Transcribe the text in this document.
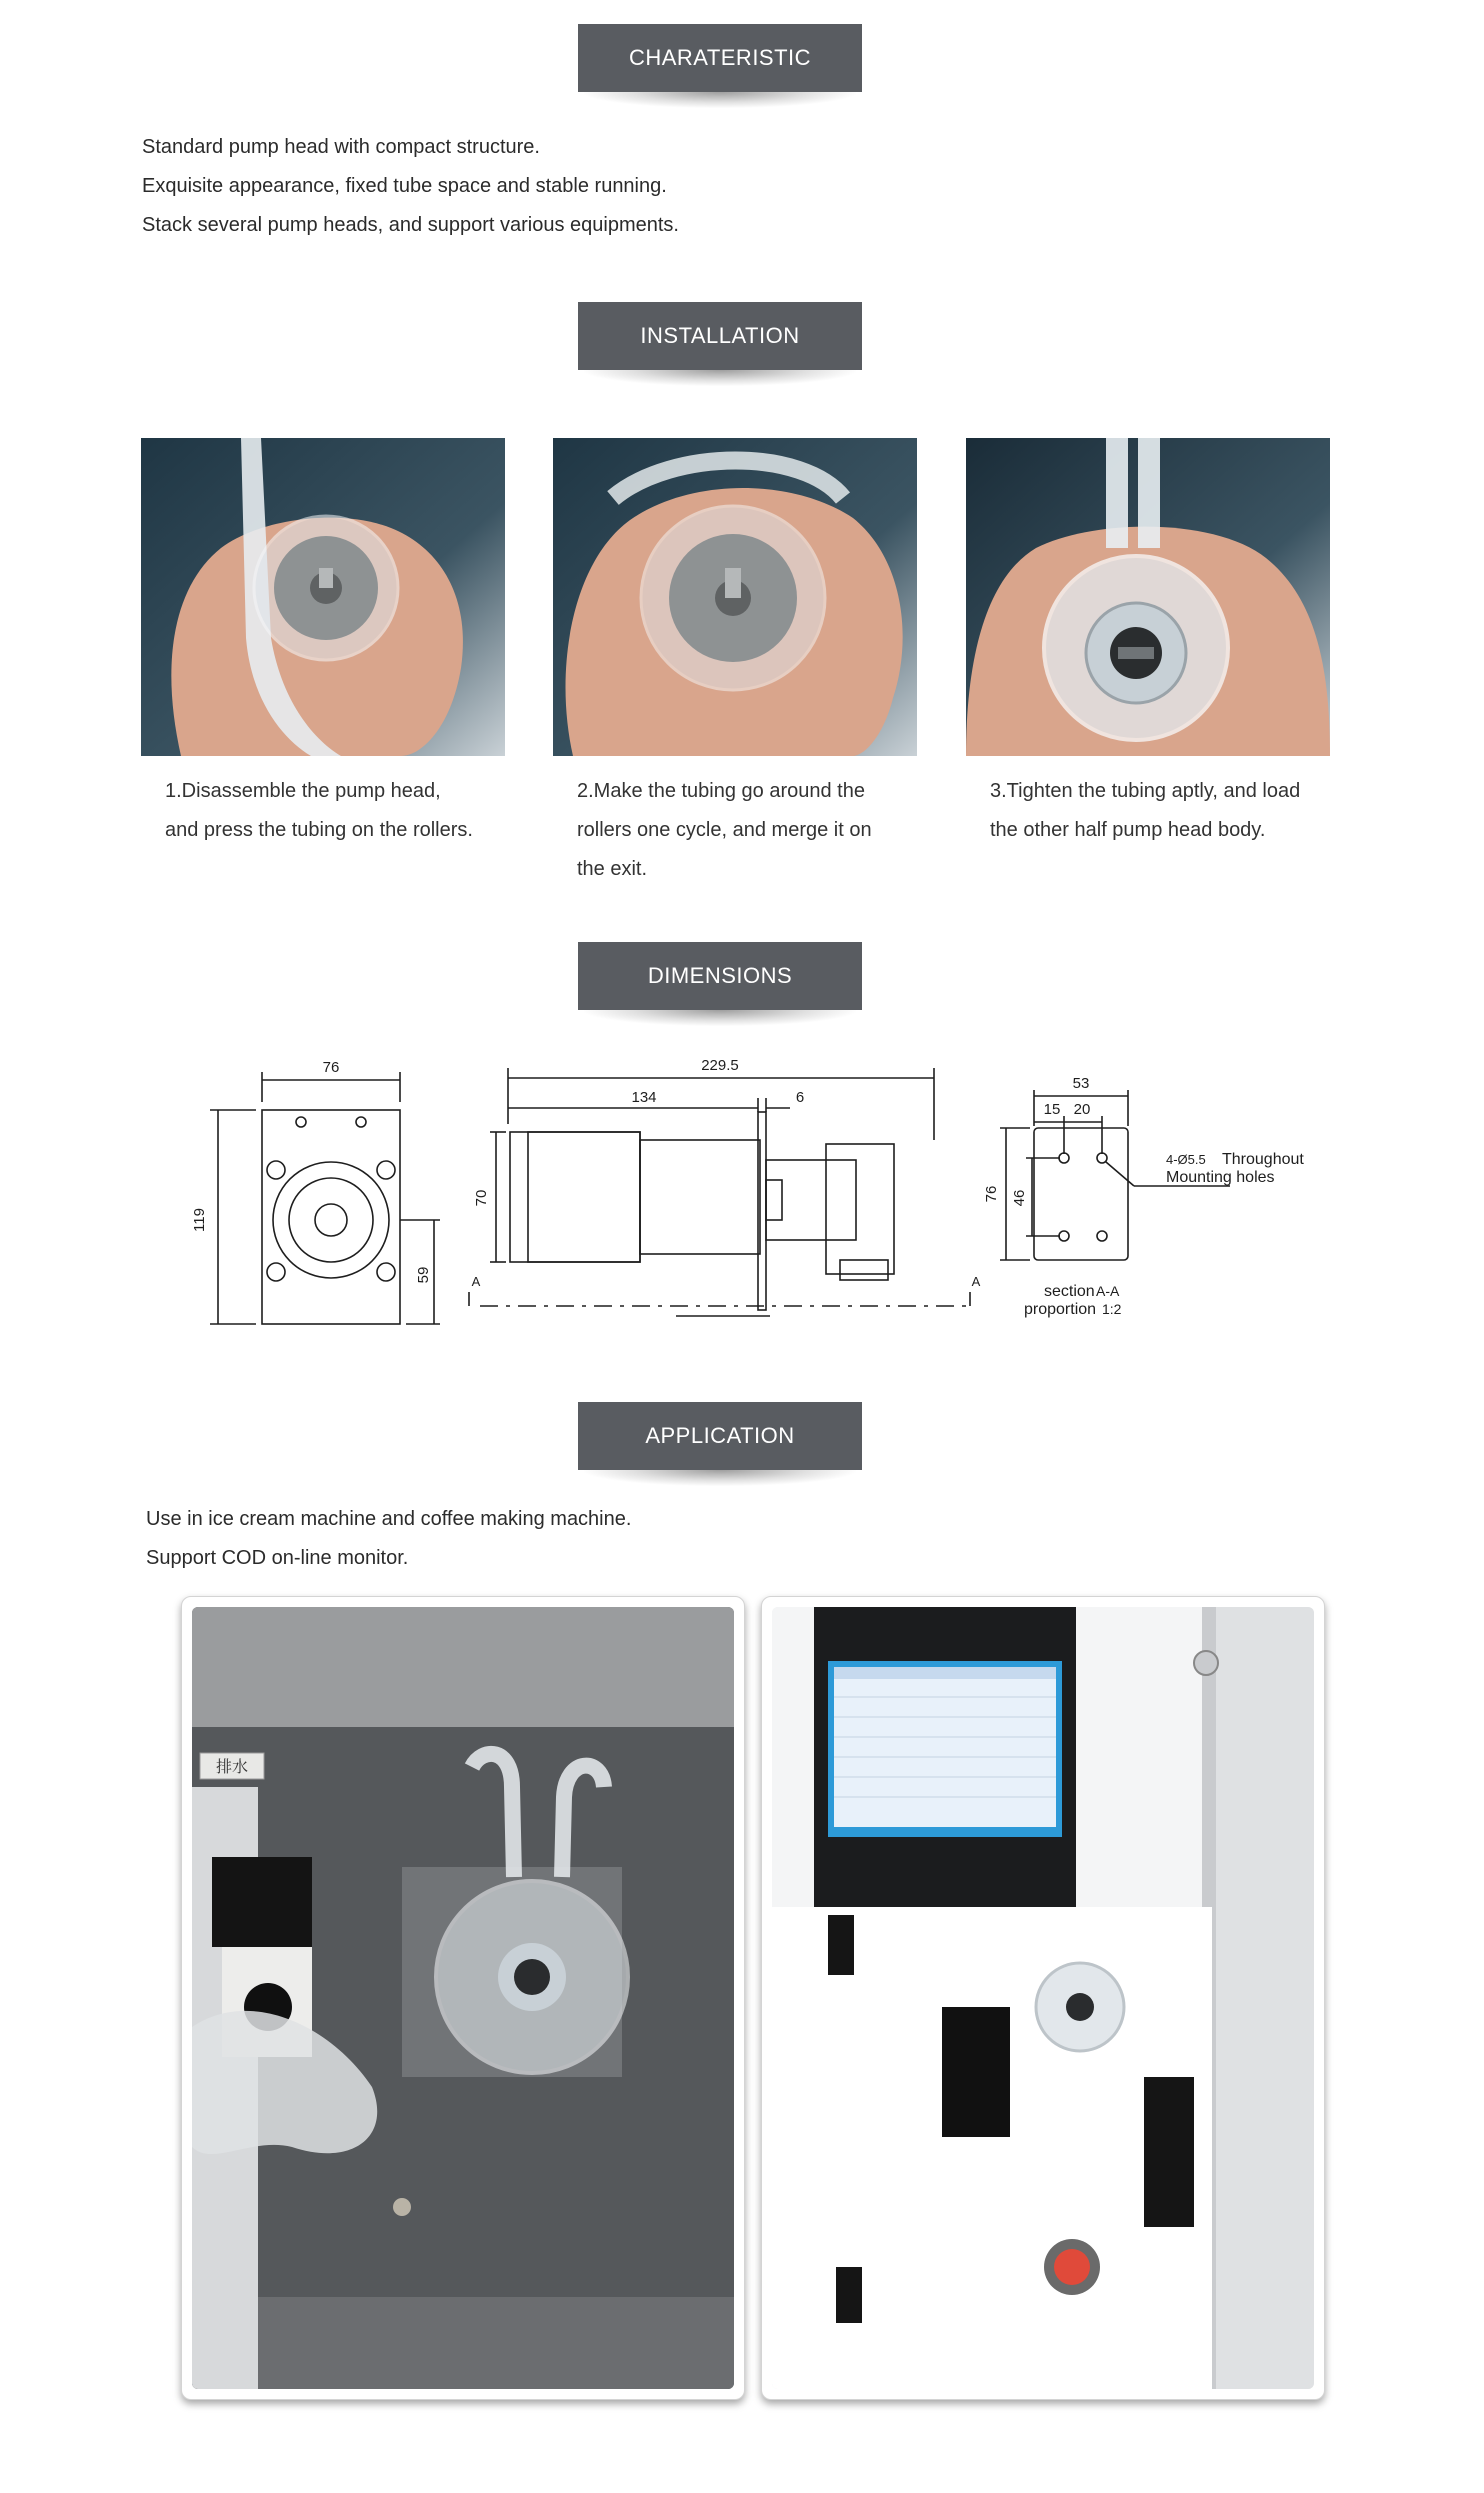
CHARATERISTIC

Standard pump head with compact structure.

Exquisite appearance, fixed tube space and stable running.

Stack several pump heads, and support various equipments.

INSTALLATION

1.Disassemble the pump head,

and press the tubing on the rollers.

2.Make the tubing go around the

rollers one cycle, and merge it on

the exit.

3.Tighten the tubing aptly, and load

the other half pump head body.

DIMENSIONS
76
119
59
229.5
134	6
70
A	A
53
15 20
76 46
4-Ø5.5 Throughout
Mounting holes
section A-A
proportion 1:2
APPLICATION

Use in ice cream machine and coffee making machine.

Support COD on-line monitor.

排水
